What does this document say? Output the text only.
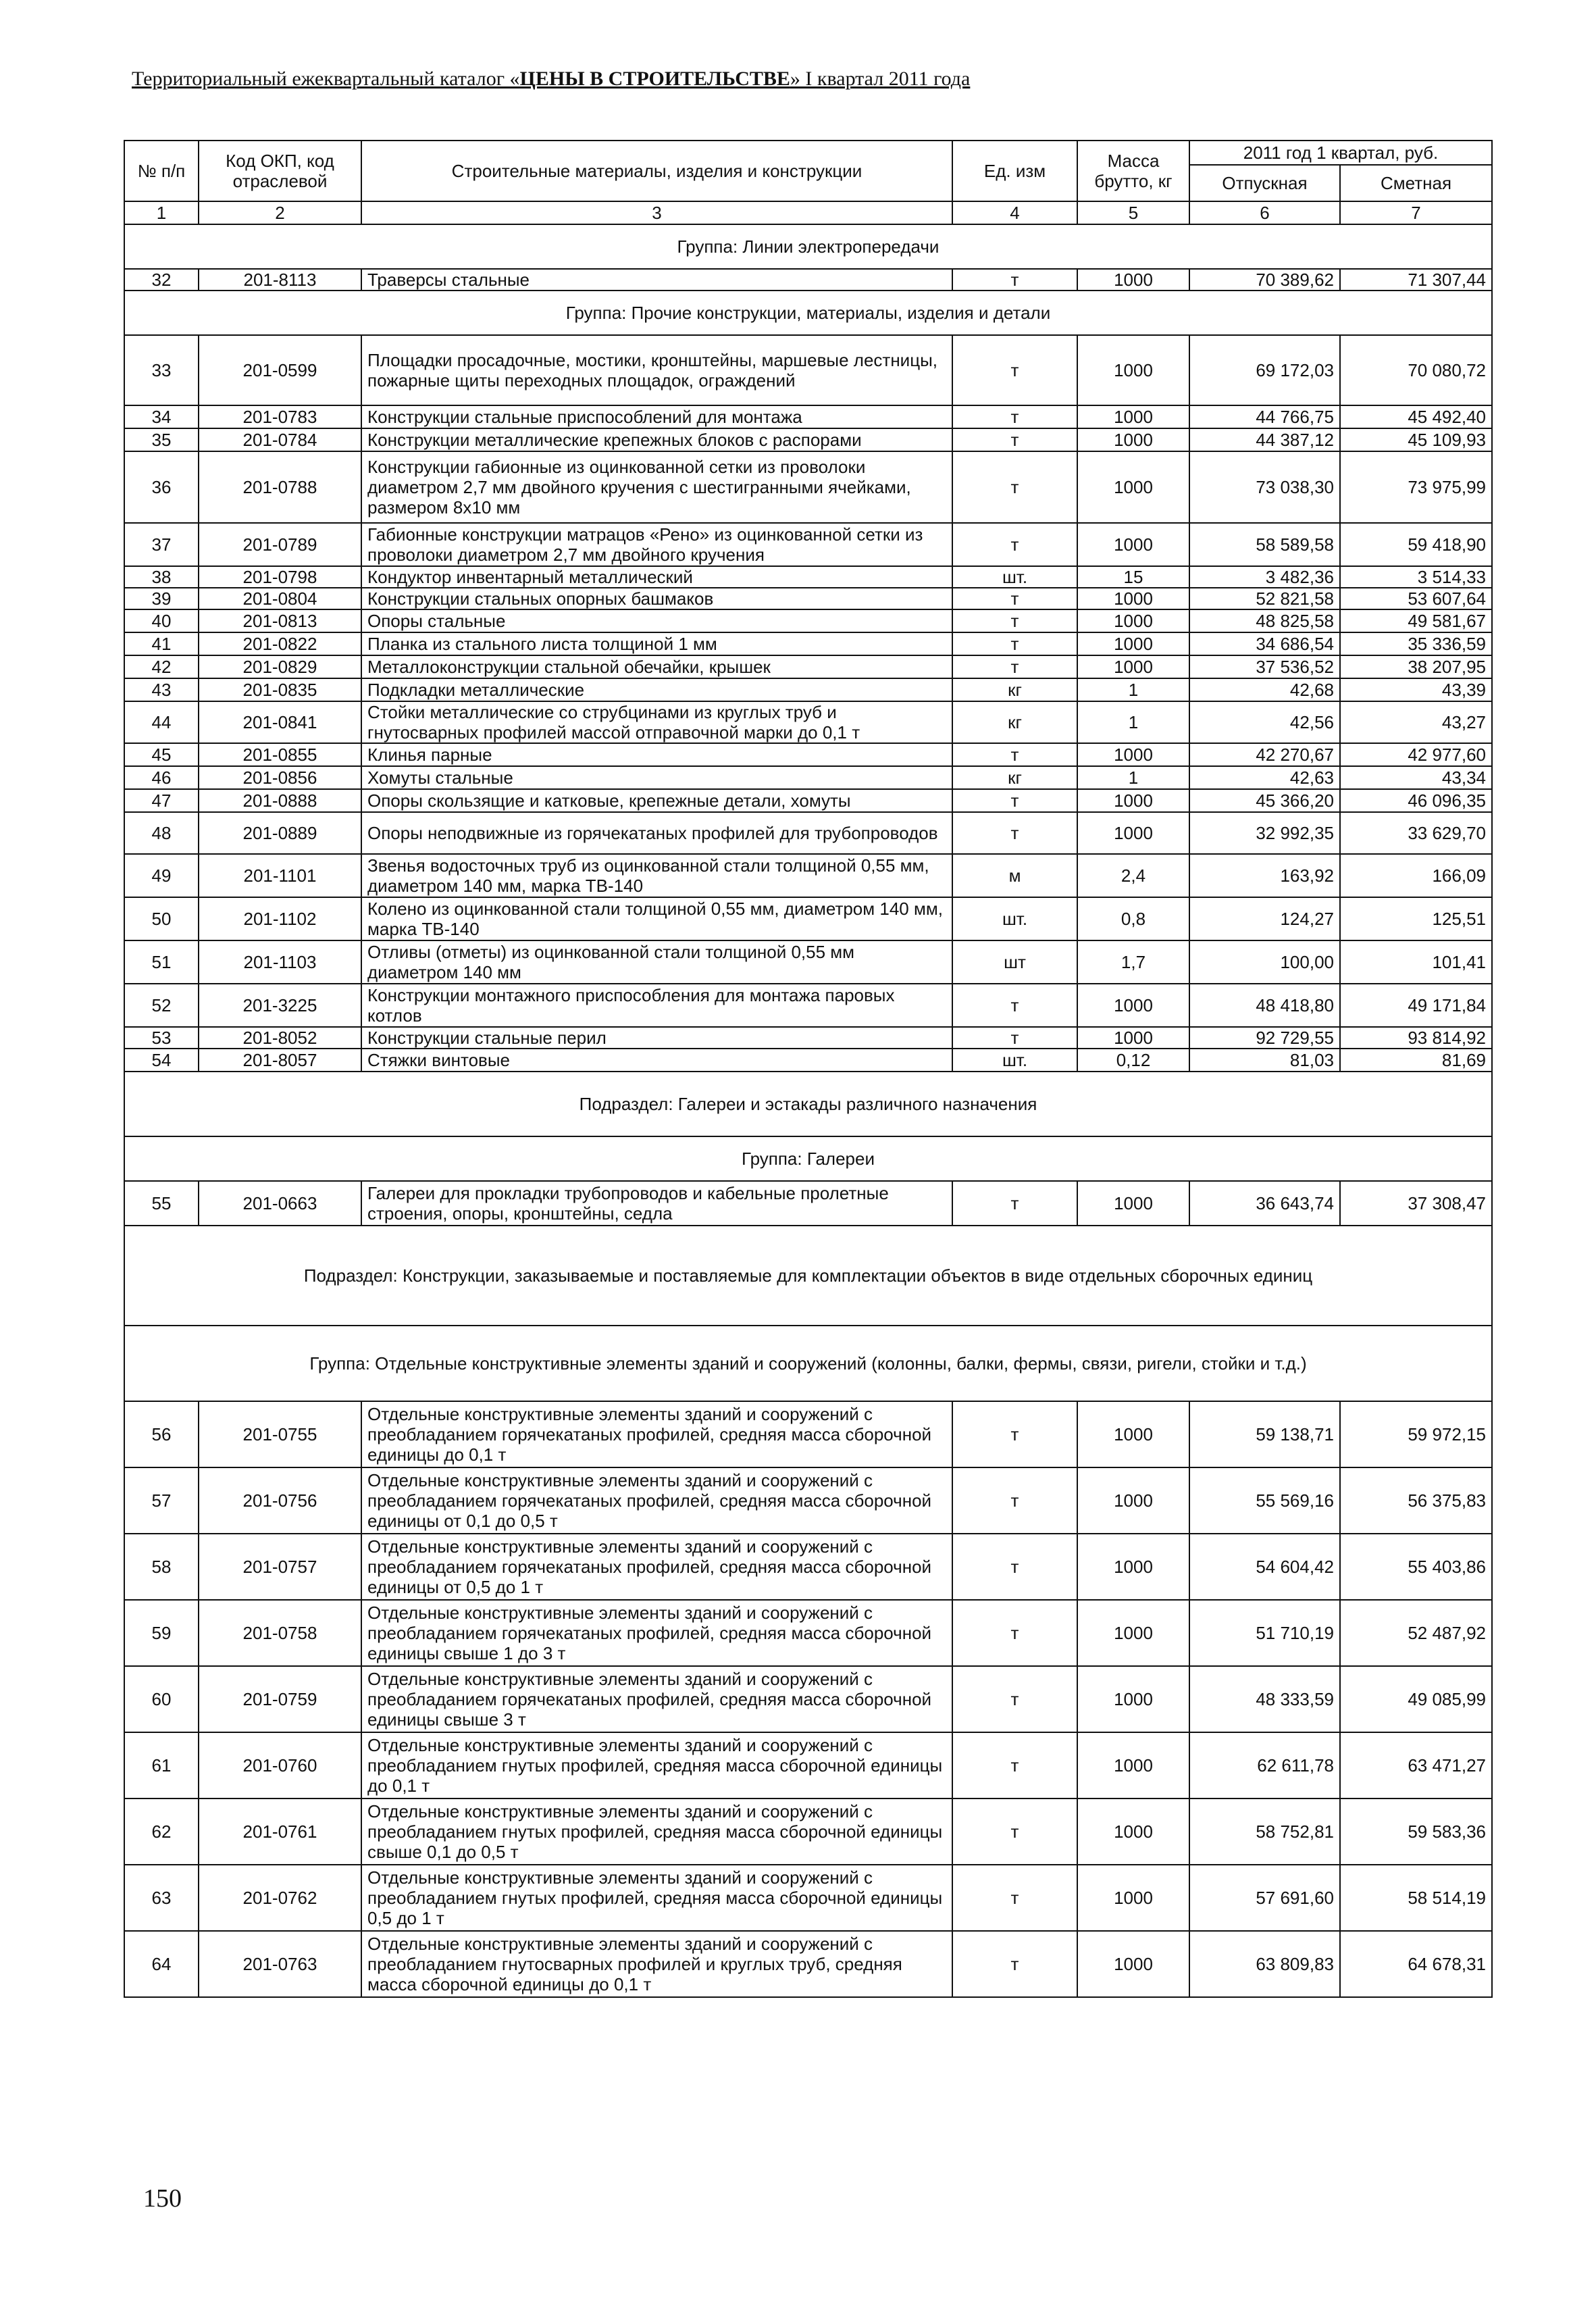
Территориальный ежеквартальный каталог «ЦЕНЫ В СТРОИТЕЛЬСТВЕ» I квартал 2011 года
№ п/п	Код ОКП, код отраслевой	Строительные материалы, изделия и конструкции	Ед. изм	Масса брутто, кг	2011 год 1 квартал, руб.	
					Отпускная	Сметная
1	2	3	4	5	6	7
Группа: Линии электропередачи						
32	201-8113	Траверсы стальные	т	1000	70 389,62	71 307,44
Группа: Прочие конструкции, материалы, изделия и детали						
33	201-0599	Площадки просадочные, мостики, кронштейны, маршевые лестницы, пожарные щиты переходных площадок, ограждений	т	1000	69 172,03	70 080,72
34	201-0783	Конструкции стальные приспособлений для монтажа	т	1000	44 766,75	45 492,40
35	201-0784	Конструкции металлические крепежных блоков с распорами	т	1000	44 387,12	45 109,93
36	201-0788	Конструкции габионные из оцинкованной сетки из проволоки диаметром 2,7 мм двойного кручения с шестигранными ячейками, размером 8х10 мм	т	1000	73 038,30	73 975,99
37	201-0789	Габионные конструкции матрацов «Рено» из оцинкованной сетки из проволоки диаметром 2,7 мм двойного кручения	т	1000	58 589,58	59 418,90
38	201-0798	Кондуктор инвентарный металлический	шт.	15	3 482,36	3 514,33
39	201-0804	Конструкции стальных опорных башмаков	т	1000	52 821,58	53 607,64
40	201-0813	Опоры стальные	т	1000	48 825,58	49 581,67
41	201-0822	Планка из стального листа толщиной 1 мм	т	1000	34 686,54	35 336,59
42	201-0829	Металлоконструкции стальной обечайки, крышек	т	1000	37 536,52	38 207,95
43	201-0835	Подкладки металлические	кг	1	42,68	43,39
44	201-0841	Стойки металлические со струбцинами из круглых труб и гнутосварных профилей массой отправочной марки до 0,1 т	кг	1	42,56	43,27
45	201-0855	Клинья парные	т	1000	42 270,67	42 977,60
46	201-0856	Хомуты стальные	кг	1	42,63	43,34
47	201-0888	Опоры скользящие и катковые, крепежные детали, хомуты	т	1000	45 366,20	46 096,35
48	201-0889	Опоры неподвижные из горячекатаных профилей для трубопроводов	т	1000	32 992,35	33 629,70
49	201-1101	Звенья водосточных труб из оцинкованной стали толщиной 0,55 мм, диаметром 140 мм, марка ТВ-140	м	2,4	163,92	166,09
50	201-1102	Колено из оцинкованной стали толщиной 0,55 мм, диаметром 140 мм, марка ТВ-140	шт.	0,8	124,27	125,51
51	201-1103	Отливы (отметы) из оцинкованной стали толщиной 0,55 мм диаметром 140 мм	шт	1,7	100,00	101,41
52	201-3225	Конструкции монтажного приспособления для монтажа паровых котлов	т	1000	48 418,80	49 171,84
53	201-8052	Конструкции стальные перил	т	1000	92 729,55	93 814,92
54	201-8057	Стяжки винтовые	шт.	0,12	81,03	81,69
Подраздел: Галереи и эстакады различного назначения						
Группа: Галереи						
55	201-0663	Галереи для прокладки трубопроводов и кабельные пролетные строения, опоры, кронштейны, седла	т	1000	36 643,74	37 308,47
Подраздел: Конструкции, заказываемые и поставляемые для комплектации объектов в виде отдельных сборочных единиц						
Группа: Отдельные конструктивные элементы зданий и сооружений (колонны, балки, фермы, связи, ригели, стойки и т.д.)						
56	201-0755	Отдельные конструктивные элементы зданий и сооружений с преобладанием горячекатаных профилей, средняя масса сборочной единицы до 0,1 т	т	1000	59 138,71	59 972,15
57	201-0756	Отдельные конструктивные элементы зданий и сооружений с преобладанием горячекатаных профилей, средняя масса сборочной единицы от 0,1 до 0,5 т	т	1000	55 569,16	56 375,83
58	201-0757	Отдельные конструктивные элементы зданий и сооружений с преобладанием горячекатаных профилей, средняя масса сборочной единицы от 0,5 до 1 т	т	1000	54 604,42	55 403,86
59	201-0758	Отдельные конструктивные элементы зданий и сооружений с преобладанием горячекатаных профилей, средняя масса сборочной единицы свыше 1 до 3 т	т	1000	51 710,19	52 487,92
60	201-0759	Отдельные конструктивные элементы зданий и сооружений с преобладанием горячекатаных профилей, средняя масса сборочной единицы свыше 3 т	т	1000	48 333,59	49 085,99
61	201-0760	Отдельные конструктивные элементы зданий и сооружений с преобладанием гнутых профилей, средняя масса сборочной единицы до 0,1 т	т	1000	62 611,78	63 471,27
62	201-0761	Отдельные конструктивные элементы зданий и сооружений с преобладанием гнутых профилей, средняя масса сборочной единицы свыше 0,1 до 0,5 т	т	1000	58 752,81	59 583,36
63	201-0762	Отдельные конструктивные элементы зданий и сооружений с преобладанием гнутых профилей, средняя масса сборочной единицы 0,5 до 1 т	т	1000	57 691,60	58 514,19
64	201-0763	Отдельные конструктивные элементы зданий и сооружений с преобладанием гнутосварных профилей и круглых труб, средняя масса сборочной единицы до 0,1 т	т	1000	63 809,83	64 678,31
150
